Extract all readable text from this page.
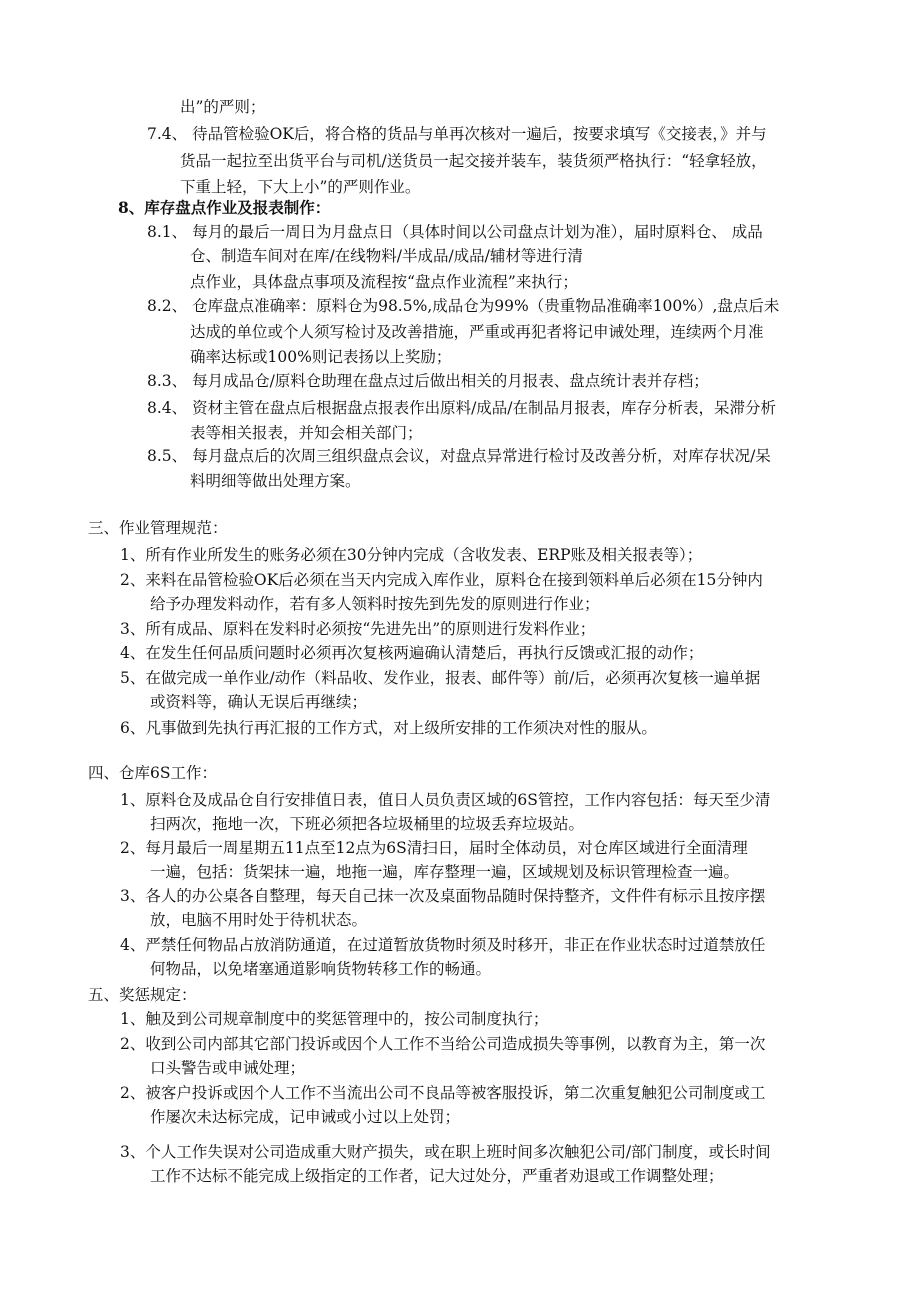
出”的严则；
7.4、 待品管检验OK后，将合格的货品与单再次核对一遍后，按要求填写《交接表，》并与
货品一起拉至出货平台与司机/送货员一起交接并装车，装货须严格执行：“轻拿轻放，
下重上轻，下大上小”的严则作业。
8、库存盘点作业及报表制作：
8.1、 每月的最后一周日为月盘点日（具体时间以公司盘点计划为准），届时原料仓、 成品
仓、制造车间对在库/在线物料/半成品/成品/辅材等进行清
点作业，具体盘点事项及流程按“盘点作业流程”来执行；
8.2、 仓库盘点准确率：原料仓为98.5%,成品仓为99%（贵重物品准确率100%）,盘点后未
达成的单位或个人须写检讨及改善措施，严重或再犯者将记申诫处理，连续两个月准
确率达标或100%则记表扬以上奖励；
8.3、 每月成品仓/原料仓助理在盘点过后做出相关的月报表、盘点统计表并存档；
8.4、 资材主管在盘点后根据盘点报表作出原料/成品/在制品月报表，库存分析表，呆滞分析
表等相关报表，并知会相关部门；
8.5、 每月盘点后的次周三组织盘点会议，对盘点异常进行检讨及改善分析，对库存状况/呆
料明细等做出处理方案。
三、作业管理规范：
1、所有作业所发生的账务必须在30分钟内完成（含收发表、ERP账及相关报表等）；
2、来料在品管检验OK后必须在当天内完成入库作业，原料仓在接到领料单后必须在15分钟内
给予办理发料动作，若有多人领料时按先到先发的原则进行作业；
3、所有成品、原料在发料时必须按“先进先出”的原则进行发料作业；
4、在发生任何品质问题时必须再次复核两遍确认清楚后，再执行反馈或汇报的动作；
5、在做完成一单作业/动作（料品收、发作业，报表、邮件等）前/后，必须再次复核一遍单据
或资料等，确认无误后再继续；
6、凡事做到先执行再汇报的工作方式，对上级所安排的工作须决对性的服从。
四、仓库6S工作：
1、原料仓及成品仓自行安排值日表，值日人员负责区域的6S管控，工作内容包括：每天至少清
扫两次，拖地一次，下班必须把各垃圾桶里的垃圾丢弃垃圾站。
2、每月最后一周星期五11点至12点为6S清扫日，届时全体动员，对仓库区域进行全面清理
一遍，包括：货架抹一遍，地拖一遍，库存整理一遍，区域规划及标识管理检查一遍。
3、各人的办公桌各自整理，每天自己抹一次及桌面物品随时保持整齐，文件件有标示且按序摆
放，电脑不用时处于待机状态。
4、严禁任何物品占放消防通道，在过道暂放货物时须及时移开，非正在作业状态时过道禁放任
何物品，以免堵塞通道影响货物转移工作的畅通。
五、奖惩规定：
1、触及到公司规章制度中的奖惩管理中的，按公司制度执行；
2、收到公司内部其它部门投诉或因个人工作不当给公司造成损失等事例，以教育为主，第一次
口头警告或申诫处理；
2、被客户投诉或因个人工作不当流出公司不良品等被客服投诉，第二次重复触犯公司制度或工
作屡次未达标完成，记申诫或小过以上处罚；
3、个人工作失误对公司造成重大财产损失，或在职上班时间多次触犯公司/部门制度，或长时间
工作不达标不能完成上级指定的工作者，记大过处分，严重者劝退或工作调整处理；
